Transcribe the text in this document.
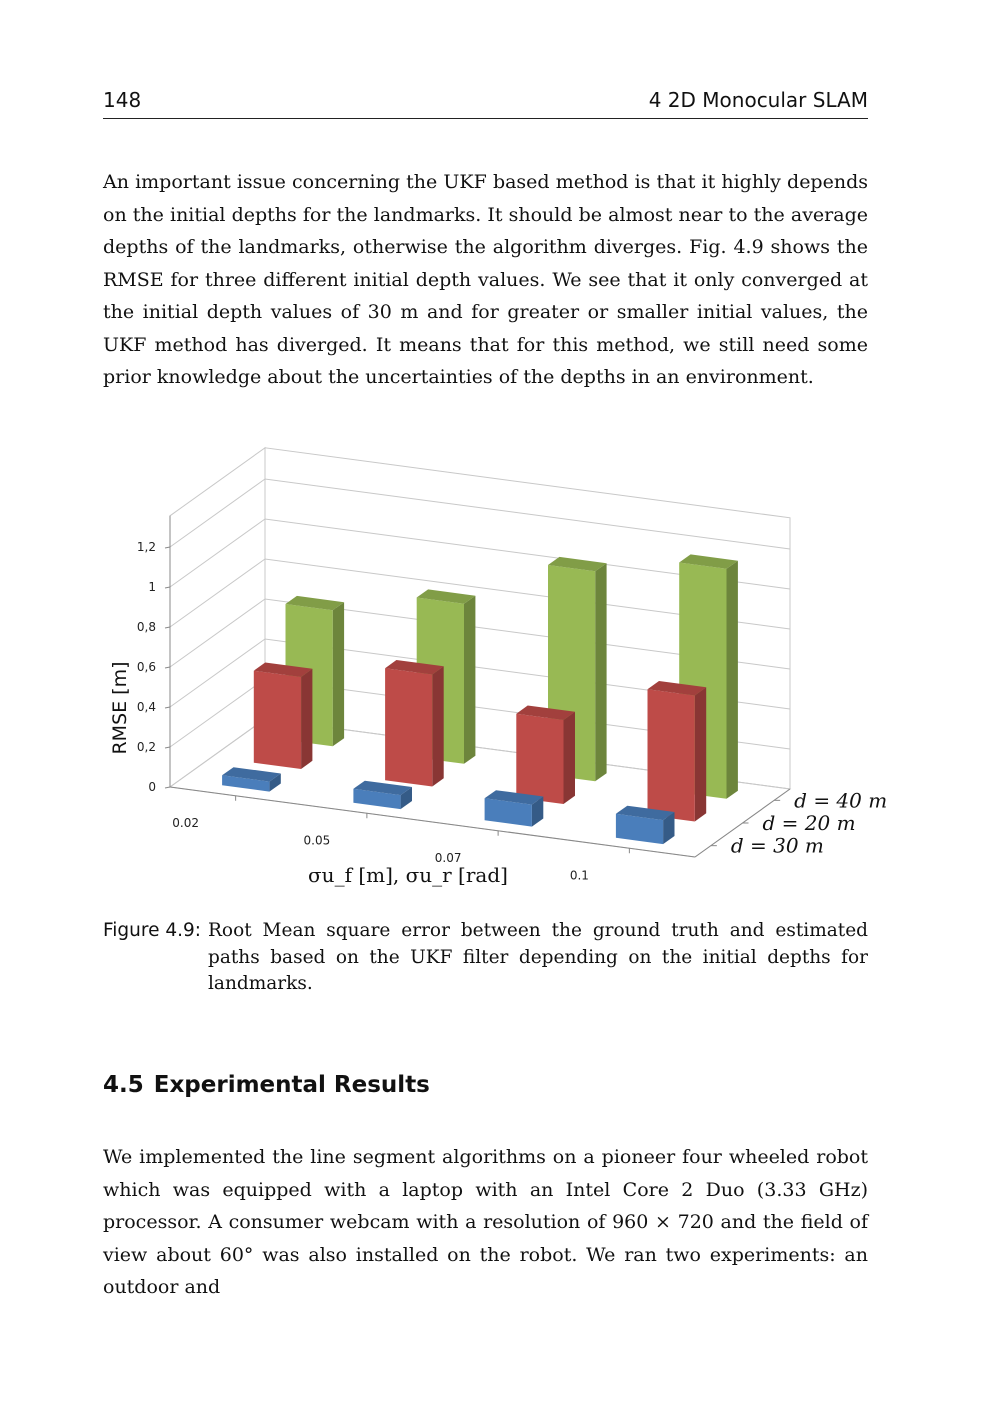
148	4 2D Monocular SLAM

An important issue concerning the UKF based method is that it highly depends on the initial depths for the landmarks. It should be almost near to the average depths of the landmarks, otherwise the algorithm diverges. Fig. 4.9 shows the RMSE for three different initial depth values. We see that it only converged at the initial depth values of 30 m and for greater or smaller initial values, the UKF method has diverged. It means that for this method, we still need some prior knowledge about the uncertainties of the depths in an environment.

0
0,2
0,4
0,6
0,8
1
1,2
0.02
0.05
0.07
0.1
d = 30 m
d = 20 m
d = 40 m
RMSE [m]
σu_f [m], σu_r [rad]
Figure 4.9: Root Mean square error between the ground truth and estimated paths based on the UKF filter depending on the initial depths for landmarks.
4.5 Experimental Results

We implemented the line segment algorithms on a pioneer four wheeled robot which was equipped with a laptop with an Intel Core 2 Duo (3.33 GHz) processor. A consumer webcam with a resolution of 960 × 720 and the field of view about 60° was also installed on the robot. We ran two experiments: an outdoor and
